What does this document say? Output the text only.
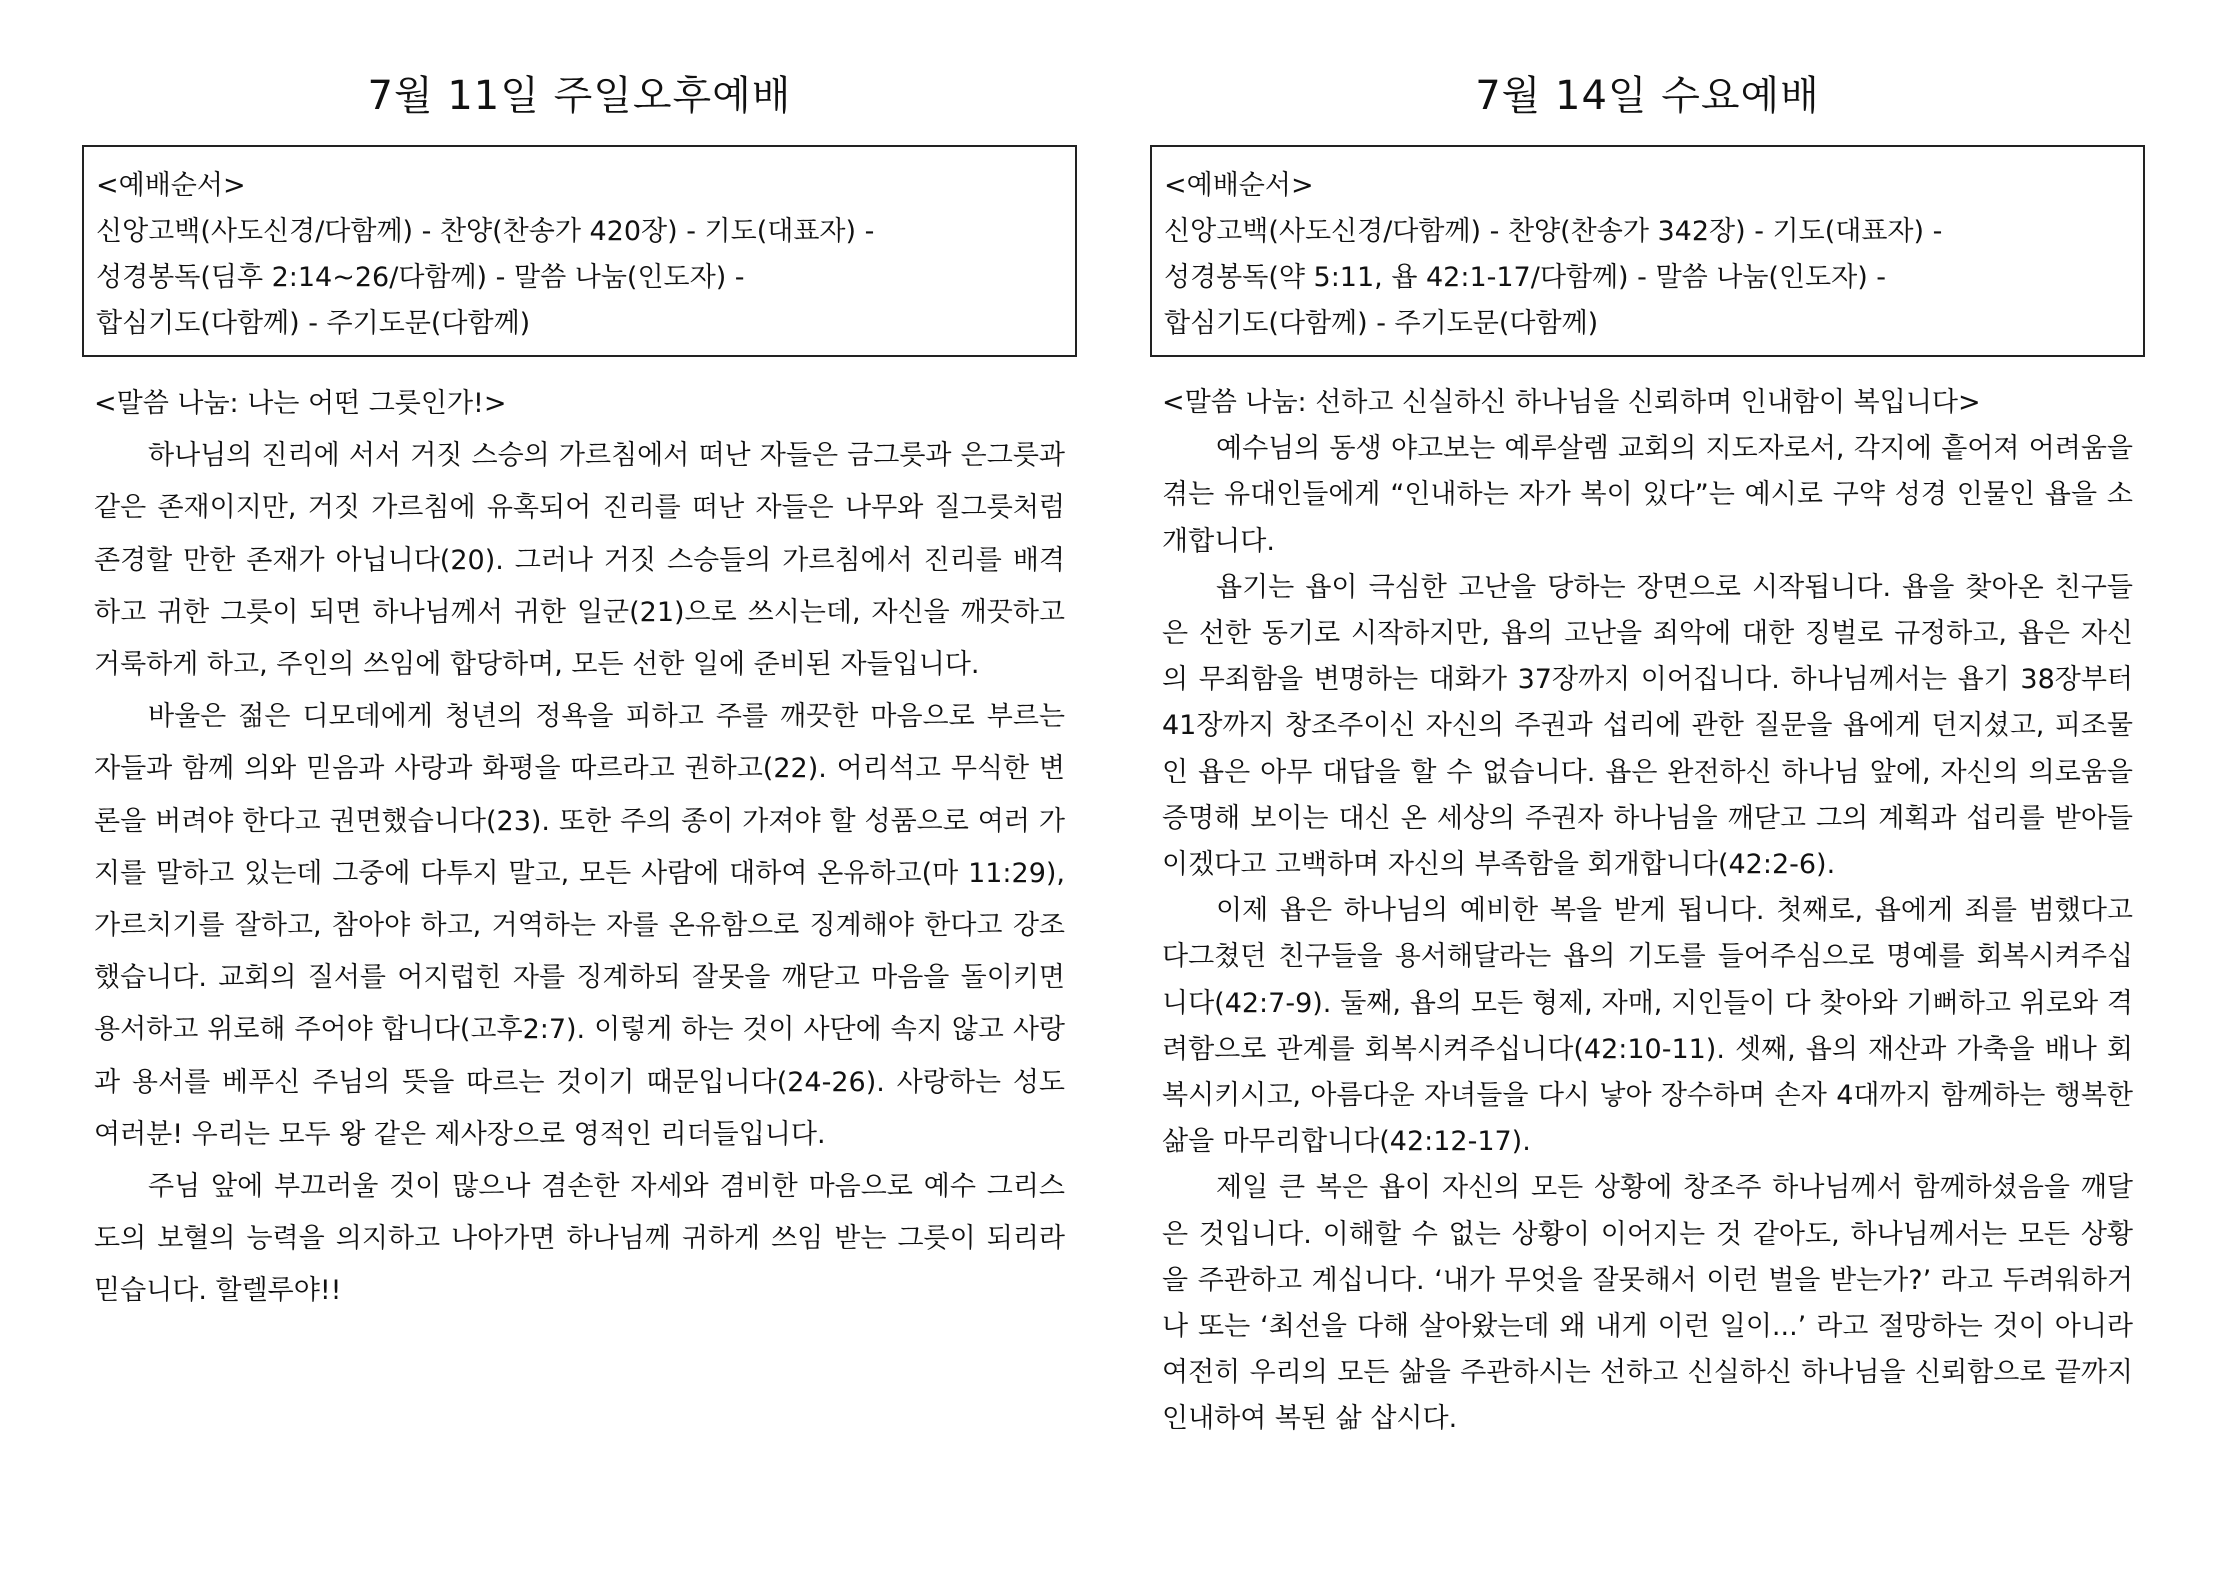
7월 11일 주일오후예배
<예배순서>
신앙고백(사도신경/다함께) - 찬양(찬송가 420장) - 기도(대표자) -
성경봉독(딤후 2:14~26/다함께) - 말씀 나눔(인도자) -
합심기도(다함께) - 주기도문(다함께)

<말씀 나눔: 나는 어떤 그릇인가!>

하나님의 진리에 서서 거짓 스승의 가르침에서 떠난 자들은 금그릇과 은그릇과 같은 존재이지만, 거짓 가르침에 유혹되어 진리를 떠난 자들은 나무와 질그릇처럼 존경할 만한 존재가 아닙니다(20). 그러나 거짓 스승들의 가르침에서 진리를 배격하고 귀한 그릇이 되면 하나님께서 귀한 일군(21)으로 쓰시는데, 자신을 깨끗하고 거룩하게 하고, 주인의 쓰임에 합당하며, 모든 선한 일에 준비된 자들입니다.

바울은 젊은 디모데에게 청년의 정욕을 피하고 주를 깨끗한 마음으로 부르는 자들과 함께 의와 믿음과 사랑과 화평을 따르라고 권하고(22). 어리석고 무식한 변론을 버려야 한다고 권면했습니다(23). 또한 주의 종이 가져야 할 성품으로 여러 가지를 말하고 있는데 그중에 다투지 말고, 모든 사람에 대하여 온유하고(마 11:29), 가르치기를 잘하고, 참아야 하고, 거역하는 자를 온유함으로 징계해야 한다고 강조했습니다. 교회의 질서를 어지럽힌 자를 징계하되 잘못을 깨닫고 마음을 돌이키면 용서하고 위로해 주어야 합니다(고후2:7). 이렇게 하는 것이 사단에 속지 않고 사랑과 용서를 베푸신 주님의 뜻을 따르는 것이기 때문입니다(24-26). 사랑하는 성도 여러분! 우리는 모두 왕 같은 제사장으로 영적인 리더들입니다.

주님 앞에 부끄러울 것이 많으나 겸손한 자세와 겸비한 마음으로 예수 그리스도의 보혈의 능력을 의지하고 나아가면 하나님께 귀하게 쓰임 받는 그릇이 되리라 믿습니다. 할렐루야!!

7월 14일 수요예배
<예배순서>
신앙고백(사도신경/다함께) - 찬양(찬송가 342장) - 기도(대표자) -
성경봉독(약 5:11, 욥 42:1-17/다함께) - 말씀 나눔(인도자) -
합심기도(다함께) - 주기도문(다함께)

<말씀 나눔: 선하고 신실하신 하나님을 신뢰하며 인내함이 복입니다>

예수님의 동생 야고보는 예루살렘 교회의 지도자로서, 각지에 흩어져 어려움을 겪는 유대인들에게 “인내하는 자가 복이 있다”는 예시로 구약 성경 인물인 욥을 소개합니다.

욥기는 욥이 극심한 고난을 당하는 장면으로 시작됩니다. 욥을 찾아온 친구들은 선한 동기로 시작하지만, 욥의 고난을 죄악에 대한 징벌로 규정하고, 욥은 자신의 무죄함을 변명하는 대화가 37장까지 이어집니다. 하나님께서는 욥기 38장부터 41장까지 창조주이신 자신의 주권과 섭리에 관한 질문을 욥에게 던지셨고, 피조물인 욥은 아무 대답을 할 수 없습니다. 욥은 완전하신 하나님 앞에, 자신의 의로움을 증명해 보이는 대신 온 세상의 주권자 하나님을 깨닫고 그의 계획과 섭리를 받아들이겠다고 고백하며 자신의 부족함을 회개합니다(42:2-6).

이제 욥은 하나님의 예비한 복을 받게 됩니다. 첫째로, 욥에게 죄를 범했다고 다그쳤던 친구들을 용서해달라는 욥의 기도를 들어주심으로 명예를 회복시켜주십니다(42:7-9). 둘째, 욥의 모든 형제, 자매, 지인들이 다 찾아와 기뻐하고 위로와 격려함으로 관계를 회복시켜주십니다(42:10-11). 셋째, 욥의 재산과 가축을 배나 회복시키시고, 아름다운 자녀들을 다시 낳아 장수하며 손자 4대까지 함께하는 행복한 삶을 마무리합니다(42:12-17).

제일 큰 복은 욥이 자신의 모든 상황에 창조주 하나님께서 함께하셨음을 깨달은 것입니다. 이해할 수 없는 상황이 이어지는 것 같아도, 하나님께서는 모든 상황을 주관하고 계십니다. ‘내가 무엇을 잘못해서 이런 벌을 받는가?’ 라고 두려워하거나 또는 ‘최선을 다해 살아왔는데 왜 내게 이런 일이...’ 라고 절망하는 것이 아니라 여전히 우리의 모든 삶을 주관하시는 선하고 신실하신 하나님을 신뢰함으로 끝까지 인내하여 복된 삶 삽시다.
